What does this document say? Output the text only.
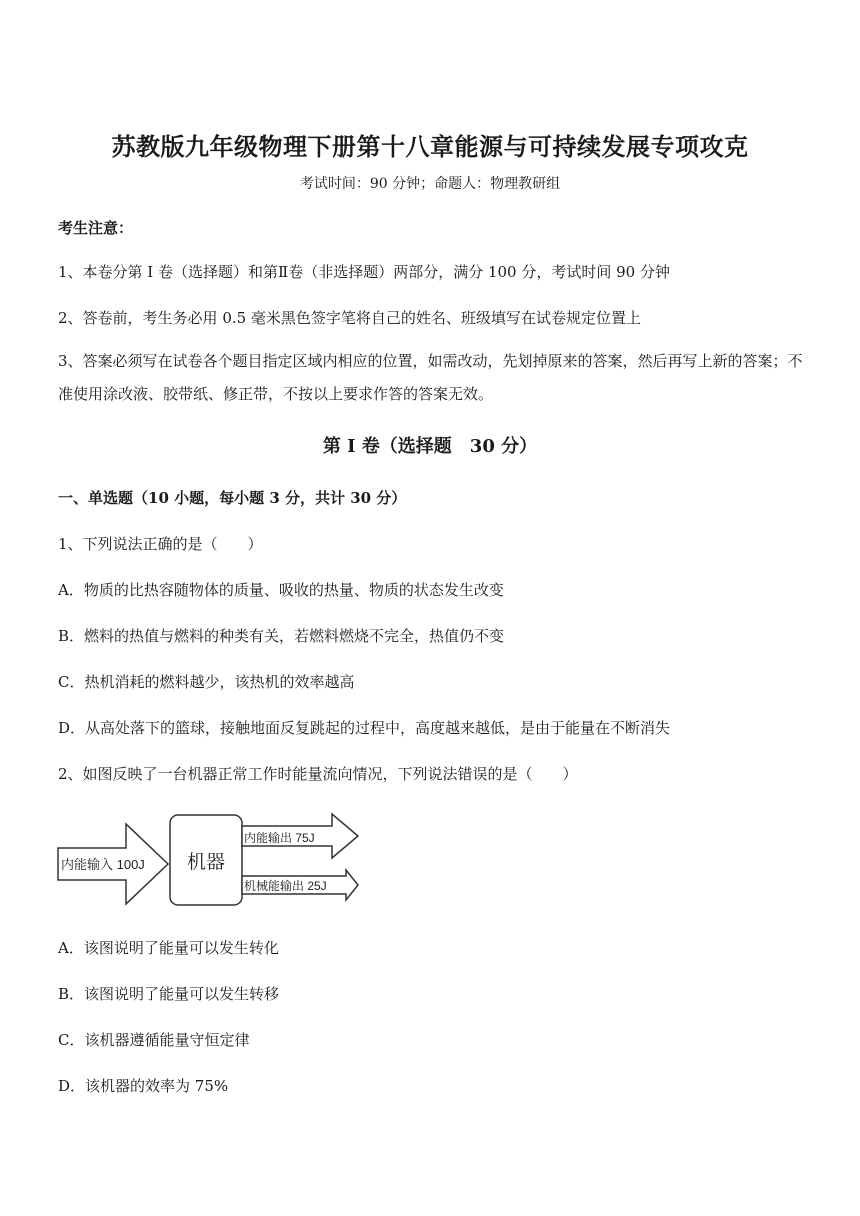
苏教版九年级物理下册第十八章能源与可持续发展专项攻克
考试时间：90 分钟；命题人：物理教研组
考生注意：
1、本卷分第 I 卷（选择题）和第Ⅱ卷（非选择题）两部分，满分 100 分，考试时间 90 分钟
2、答卷前，考生务必用 0.5 毫米黑色签字笔将自己的姓名、班级填写在试卷规定位置上
3、答案必须写在试卷各个题目指定区域内相应的位置，如需改动，先划掉原来的答案，然后再写上新的答案；不准使用涂改液、胶带纸、修正带，不按以上要求作答的答案无效。
第 I 卷（选择题　30 分）
一、单选题（10 小题，每小题 3 分，共计 30 分）
1、下列说法正确的是（　　）
A．物质的比热容随物体的质量、吸收的热量、物质的状态发生改变
B．燃料的热值与燃料的种类有关，若燃料燃烧不完全，热值仍不变
C．热机消耗的燃料越少，该热机的效率越高
D．从高处落下的篮球，接触地面反复跳起的过程中，高度越来越低，是由于能量在不断消失
2、如图反映了一台机器正常工作时能量流向情况，下列说法错误的是（　　）
内能输入 100J 机器
内能输出 75J
机械能输出 25J
A．该图说明了能量可以发生转化
B．该图说明了能量可以发生转移
C．该机器遵循能量守恒定律
D．该机器的效率为 75%
